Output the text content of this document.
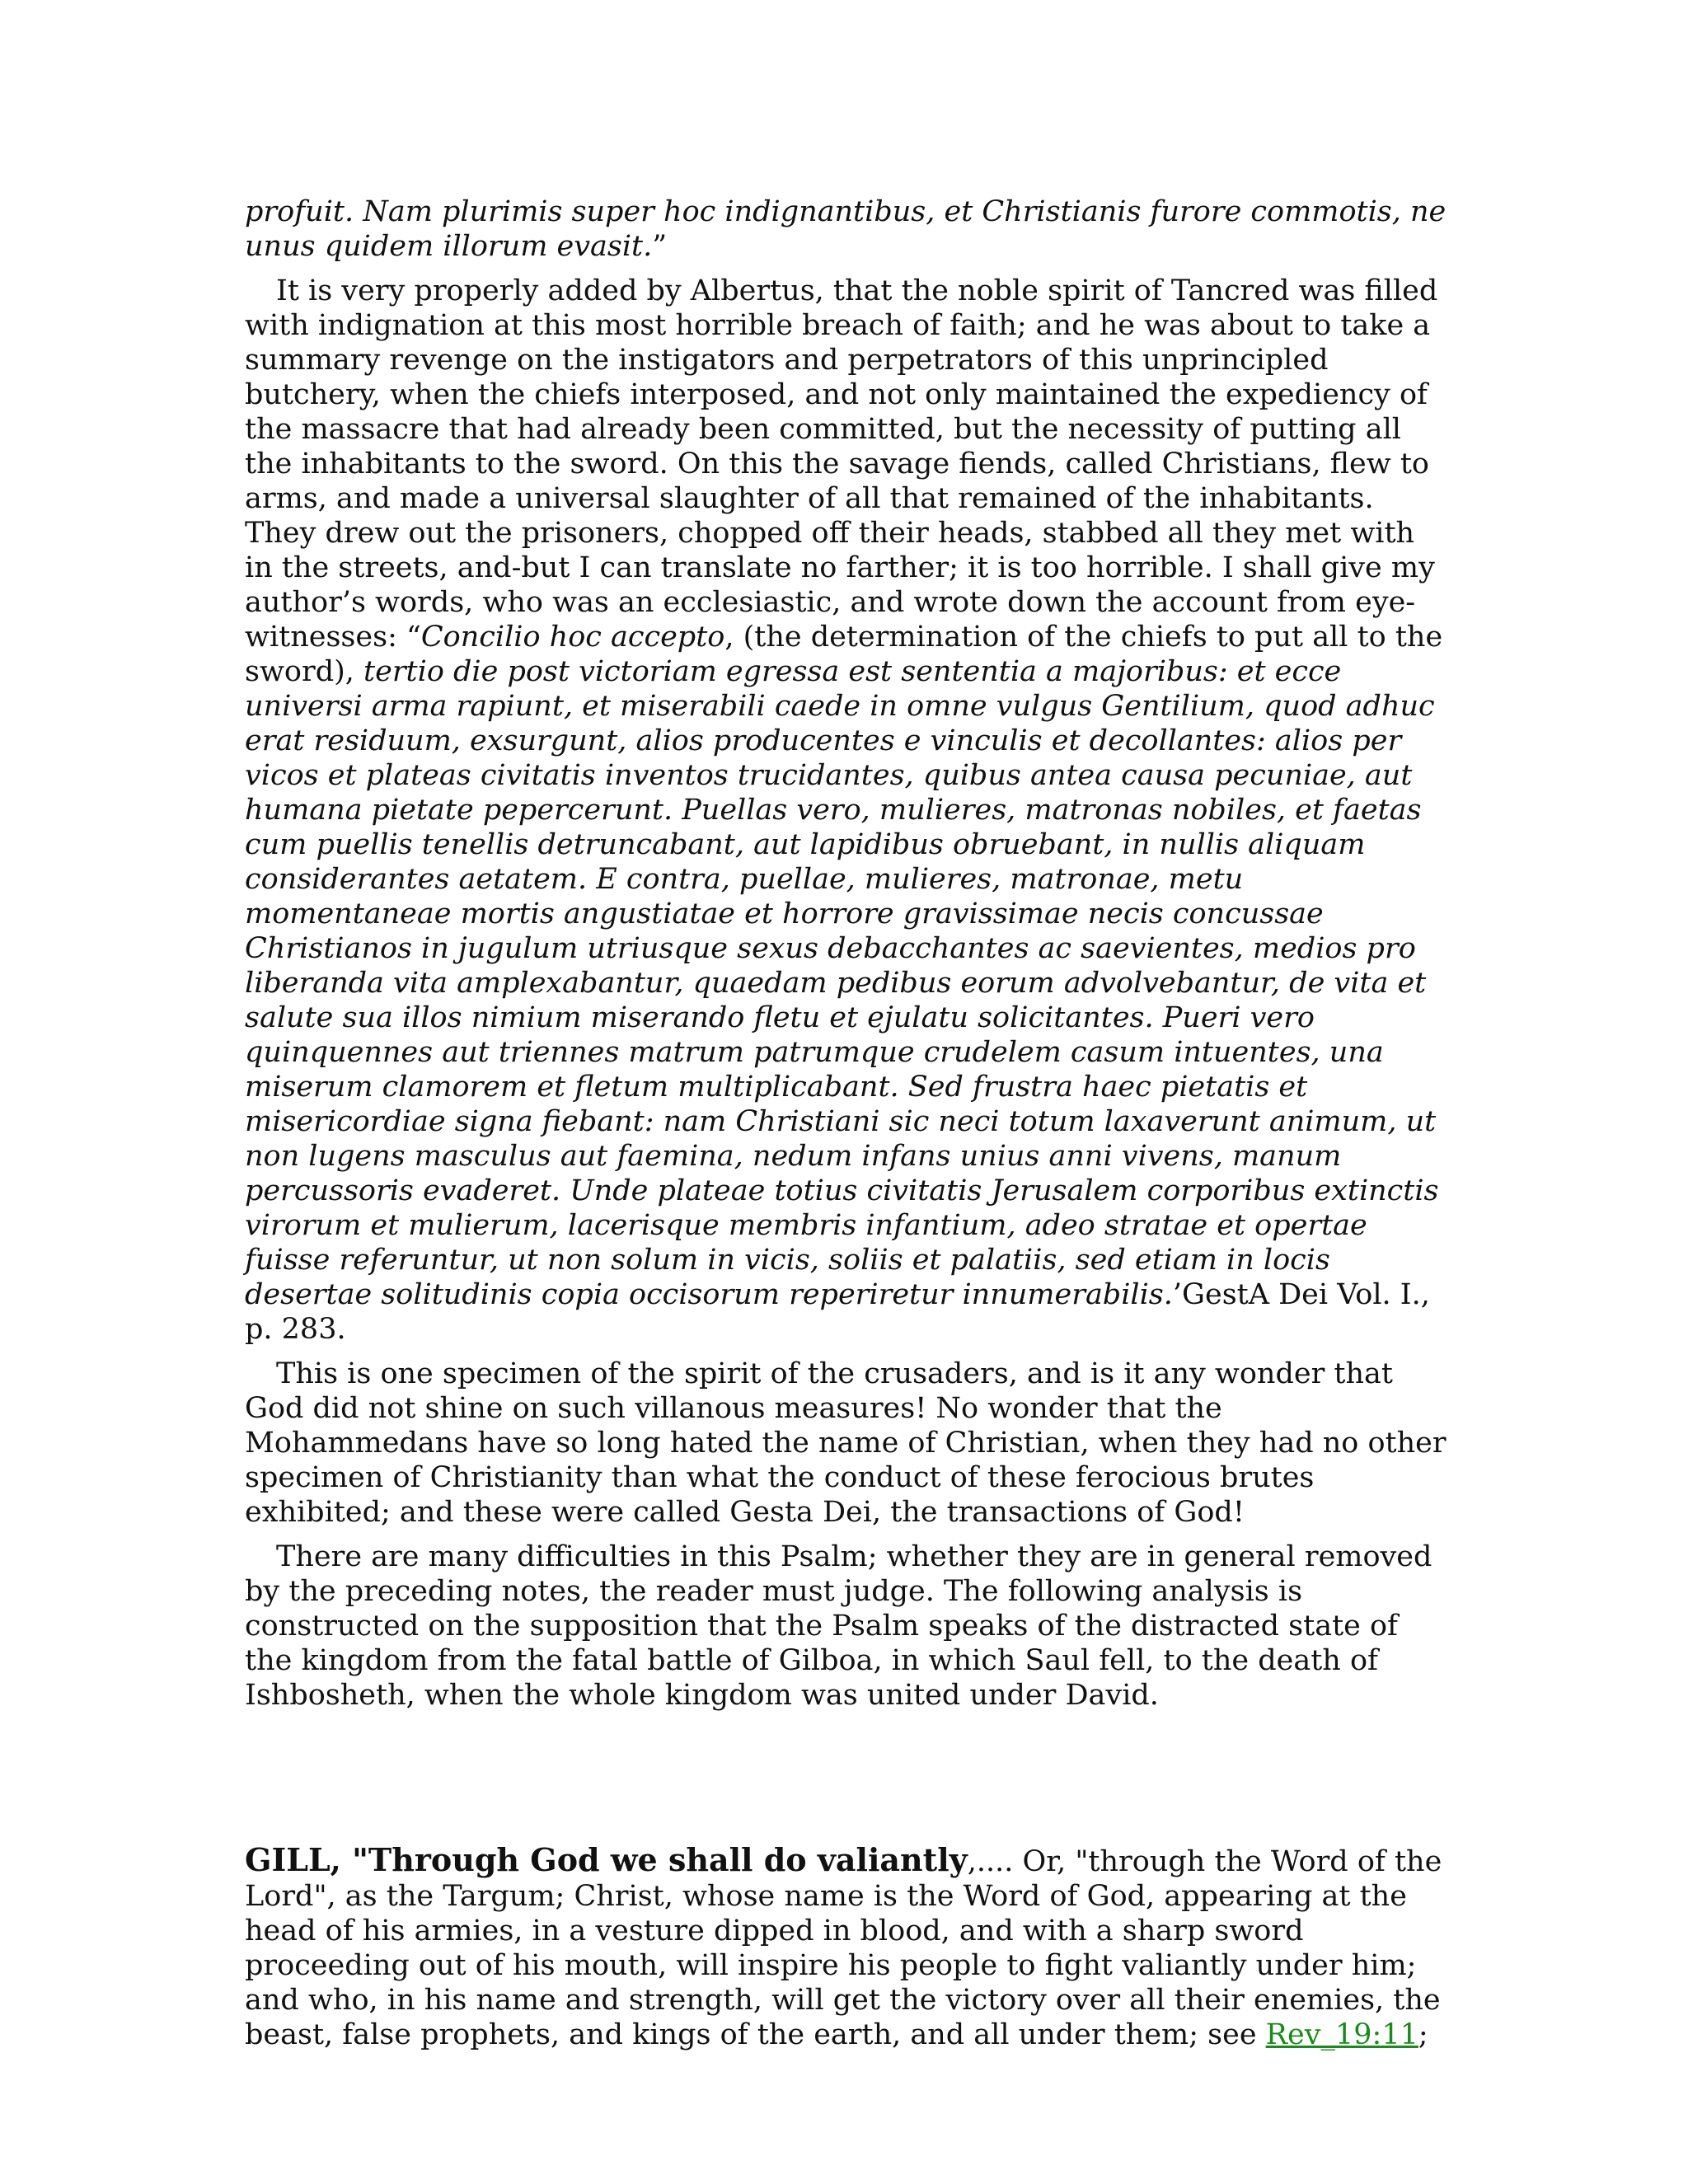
profuit. Nam plurimis super hoc indignantibus, et Christianis furore commotis, ne unus quidem illorum evasit.”

It is very properly added by Albertus, that the noble spirit of Tancred was filled with indignation at this most horrible breach of faith; and he was about to take a summary revenge on the instigators and perpetrators of this unprincipled butchery, when the chiefs interposed, and not only maintained the expediency of the massacre that had already been committed, but the necessity of putting all the inhabitants to the sword. On this the savage fiends, called Christians, flew to arms, and made a universal slaughter of all that remained of the inhabitants. They drew out the prisoners, chopped off their heads, stabbed all they met with in the streets, and-but I can translate no farther; it is too horrible. I shall give my author’s words, who was an ecclesiastic, and wrote down the account from eye-witnesses: “Concilio hoc accepto, (the determination of the chiefs to put all to the sword), tertio die post victoriam egressa est sententia a majoribus: et ecce universi arma rapiunt, et miserabili caede in omne vulgus Gentilium, quod adhuc erat residuum, exsurgunt, alios producentes e vinculis et decollantes: alios per vicos et plateas civitatis inventos trucidantes, quibus antea causa pecuniae, aut humana pietate pepercerunt. Puellas vero, mulieres, matronas nobiles, et faetas cum puellis tenellis detruncabant, aut lapidibus obruebant, in nullis aliquam considerantes aetatem. E contra, puellae, mulieres, matronae, metu momentaneae mortis angustiatae et horrore gravissimae necis concussae Christianos in jugulum utriusque sexus debacchantes ac saevientes, medios pro liberanda vita amplexabantur, quaedam pedibus eorum advolvebantur, de vita et salute sua illos nimium miserando fletu et ejulatu solicitantes. Pueri vero quinquennes aut triennes matrum patrumque crudelem casum intuentes, una miserum clamorem et fletum multiplicabant. Sed frustra haec pietatis et misericordiae signa fiebant: nam Christiani sic neci totum laxaverunt animum, ut non lugens masculus aut faemina, nedum infans unius anni vivens, manum percussoris evaderet. Unde plateae totius civitatis Jerusalem corporibus extinctis virorum et mulierum, lacerisque membris infantium, adeo stratae et opertae fuisse referuntur, ut non solum in vicis, soliis et palatiis, sed etiam in locis desertae solitudinis copia occisorum reperiretur innumerabilis.’GestA Dei Vol. I., p. 283.

This is one specimen of the spirit of the crusaders, and is it any wonder that God did not shine on such villanous measures! No wonder that the Mohammedans have so long hated the name of Christian, when they had no other specimen of Christianity than what the conduct of these ferocious brutes exhibited; and these were called Gesta Dei, the transactions of God!

There are many difficulties in this Psalm; whether they are in general removed by the preceding notes, the reader must judge. The following analysis is constructed on the supposition that the Psalm speaks of the distracted state of the kingdom from the fatal battle of Gilboa, in which Saul fell, to the death of Ishbosheth, when the whole kingdom was united under David.

GILL, "Through God we shall do valiantly,.... Or, "through the Word of the Lord", as the Targum; Christ, whose name is the Word of God, appearing at the head of his armies, in a vesture dipped in blood, and with a sharp sword proceeding out of his mouth, will inspire his people to fight valiantly under him; and who, in his name and strength, will get the victory over all their enemies, the beast, false prophets, and kings of the earth, and all under them; see Rev_19:11;
